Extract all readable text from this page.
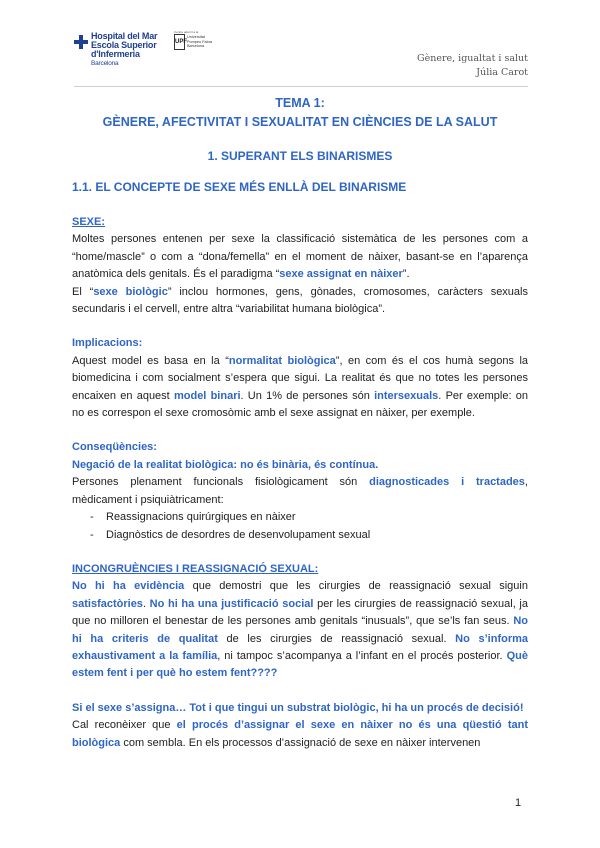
Hospital del Mar
Escola Superior
d'Infermeria
Barcelona
Centre adscrit a la
UPF
Universitat
Pompeu Fabra
Barcelona
Gènere, igualtat i salut
Júlia Carot
TEMA 1:
GÈNERE, AFECTIVITAT I SEXUALITAT EN CIÈNCIES DE LA SALUT
1. SUPERANT ELS BINARISMES
1.1. EL CONCEPTE DE SEXE MÉS ENLLÀ DEL BINARISME
SEXE:

Moltes persones entenen per sexe la classificació sistemàtica de les persones com a “home/mascle” o com a “dona/femella” en el moment de nàixer, basant-se en l’aparença anatòmica dels genitals. És el paradigma “sexe assignat en nàixer”.

El “sexe biològic” inclou hormones, gens, gònades, cromosomes, caràcters sexuals secundaris i el cervell, entre altra “variabilitat humana biològica”.

Implicacions:

Aquest model es basa en la “normalitat biològica”, en com és el cos humà segons la biomedicina i com socialment s’espera que sigui. La realitat és que no totes les persones encaixen en aquest model binari. Un 1% de persones són intersexuals. Per exemple: on no es correspon el sexe cromosòmic amb el sexe assignat en nàixer, per exemple.

Conseqüències:
Negació de la realitat biològica: no és binària, és contínua.

Persones plenament funcionals fisiològicament són diagnosticades i tractades, mèdicament i psiquiàtricament:

- Reassignacions quirúrgiques en nàixer
- Diagnòstics de desordres de desenvolupament sexual
INCONGRUÈNCIES I REASSIGNACIÓ SEXUAL:

No hi ha evidència que demostri que les cirurgies de reassignació sexual siguin satisfactòries. No hi ha una justificació social per les cirurgies de reassignació sexual, ja que no milloren el benestar de les persones amb genitals “inusuals”, que se’ls fan seus. No hi ha criteris de qualitat de les cirurgies de reassignació sexual. No s’informa exhaustivament a la família, ni tampoc s’acompanya a l’infant en el procés posterior. Què estem fent i per què ho estem fent????

Si el sexe s’assigna… Tot i que tingui un substrat biològic, hi ha un procés de decisió!

Cal reconèixer que el procés d’assignar el sexe en nàixer no és una qüestió tant biològica com sembla. En els processos d’assignació de sexe en nàixer intervenen

1
